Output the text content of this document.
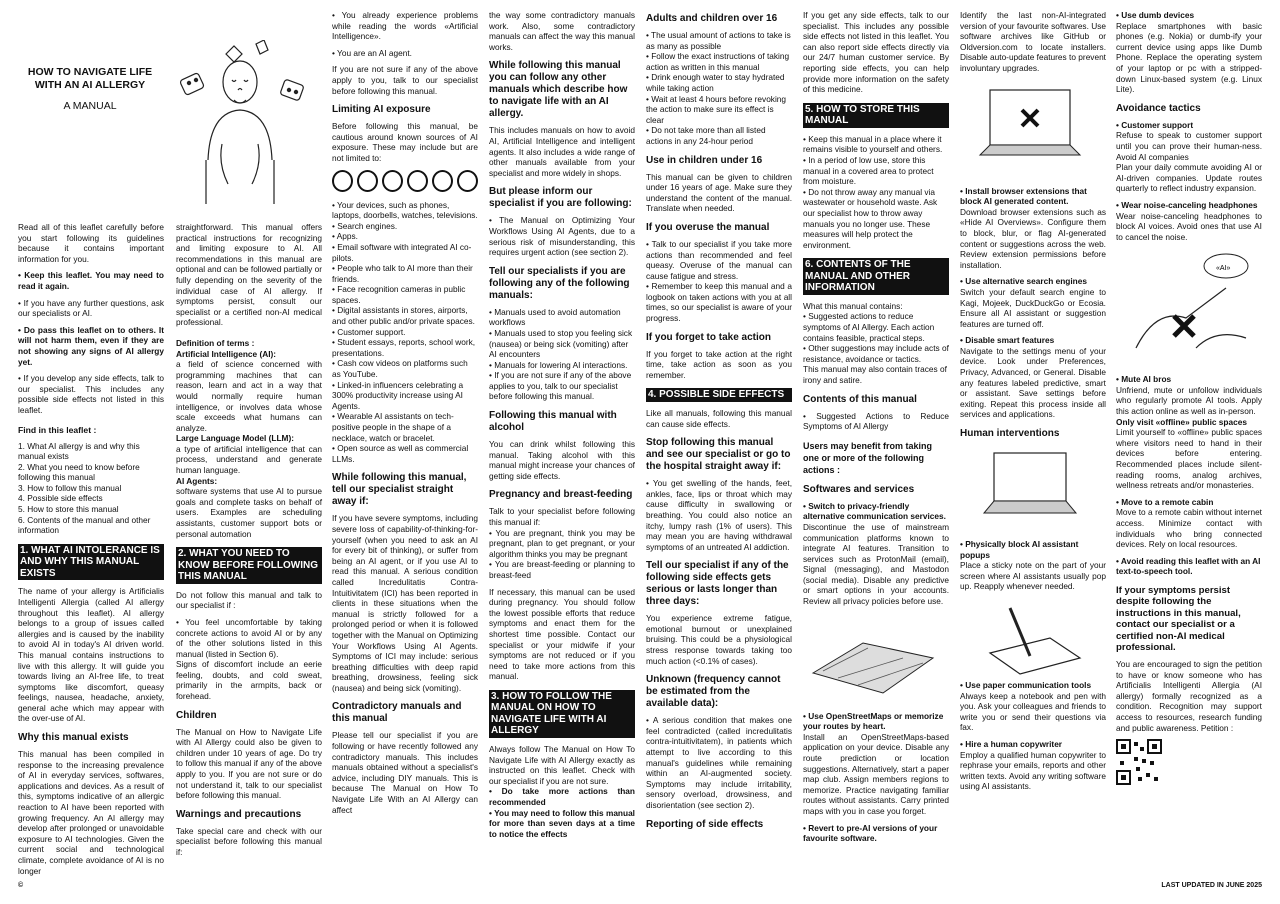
HOW TO NAVIGATE LIFE WITH AN AI ALLERGY
A MANUAL

Read all of this leaflet carefully before you start following its guidelines because it contains important information for you.

• Keep this leaflet. You may need to read it again.

• If you have any further questions, ask our specialists or AI.

• Do pass this leaflet on to others. It will not harm them, even if they are not showing any signs of AI allergy yet.

• If you develop any side effects, talk to our specialist. This includes any possible side effects not listed in this leaflet.

Find in this leaflet :
1. What AI allergy is and why this manual exists
2. What you need to know before following this manual
3. How to follow this manual
4. Possible side effects
5. How to store this manual
6. Contents of the manual and other information
1. WHAT AI INTOLERANCE IS AND WHY THIS MANUAL EXISTS

The name of your allergy is Artificialis Intelligenti Allergia (called AI allergy throughout this leaflet). AI allergy belongs to a group of issues called allergies and is caused by the inability to avoid AI in today's AI driven world. This manual contains instructions to live with this allergy. It will guide you towards living an AI-free life, to treat symptoms like discomfort, queasy feelings, nausea, headache, anxiety, general ache which may appear with the over-use of AI.

Why this manual exists

This manual has been compiled in response to the increasing prevalence of AI in everyday services, softwares, applications and devices. As a result of this, symptoms indicative of an allergic reaction to AI have been reported with growing frequency. An AI allergy may develop after prolonged or unavoidable exposure to AI technologies. Given the current social and technological climate, complete avoidance of AI is no longer

straightforward. This manual offers practical instructions for recognizing and limiting exposure to AI. All recommendations in this manual are optional and can be followed partially or fully depending on the severity of the individual case of AI allergy. If symptoms persist, consult our specialist or a certified non-AI medical professional.

Definition of terms :
Artificial Intelligence (AI):

a field of science concerned with programming machines that can reason, learn and act in a way that would normally require human intelligence, or involves data whose scale exceeds what humans can analyze.

Large Language Model (LLM):

a type of artificial intelligence that can process, understand and generate human language.

AI Agents:

software systems that use AI to pursue goals and complete tasks on behalf of users. Examples are scheduling assistants, customer support bots or personal automation

2. WHAT YOU NEED TO KNOW BEFORE FOLLOWING THIS MANUAL

Do not follow this manual and talk to our specialist if :

• You feel uncomfortable by taking concrete actions to avoid AI or by any of the other solutions listed in this manual (listed in Section 6).

Signs of discomfort include an eerie feeling, doubts, and cold sweat, primarily in the armpits, back or forehead.

Children

The Manual on How to Navigate Life with AI Allergy could also be given to children under 10 years of age. Do try to follow this manual if any of the above apply to you. If you are not sure or do not understand it, talk to our specialist before following this manual.

Warnings and precautions

Take special care and check with our specialist before following this manual if:

• You already experience problems while reading the words «Artificial Intelligence».

• You are an AI agent.

If you are not sure if any of the above apply to you, talk to our specialist before following this manual.

Limiting AI exposure

Before following this manual, be cautious around known sources of AI exposure. These may include but are not limited to:

• Your devices, such as phones, laptops, doorbells, watches, televisions.
• Search engines.
• Apps.
• Email software with integrated AI co-pilots.
• People who talk to AI more than their friends.
• Face recognition cameras in public spaces.
• Digital assistants in stores, airports, and other public and/or private spaces.
• Customer support.
• Student essays, reports, school work, presentations.
• Cash cow videos on platforms such as YouTube.
• Linked-in influencers celebrating a 300% productivity increase using AI Agents.
• Wearable AI assistants on tech-positive people in the shape of a necklace, watch or bracelet.
• Open source as well as commercial LLMs.
While following this manual, tell our specialist straight away if:

If you have severe symptoms, including severe loss of capability-of-thinking-for-yourself (when you need to ask an AI for every bit of thinking), or suffer from being an AI agent, or if you use AI to read this manual. A serious condition called Incredulitatis Contra-Intuitivitatem (ICI) has been reported in clients in these situations when the manual is strictly followed for a prolonged period or when it is followed together with the Manual on Optimizing Your Workflows Using AI Agents. Symptoms of ICI may include: serious breathing difficulties with deep rapid breathing, drowsiness, feeling sick (nausea) and being sick (vomiting).

Contradictory manuals and this manual

Please tell our specialist if you are following or have recently followed any contradictory manuals. This includes manuals obtained without a specialist's advice, including DIY manuals. This is because The Manual on How To Navigate Life With an AI Allergy can affect

the way some contradictory manuals work. Also, some contradictory manuals can affect the way this manual works.

While following this manual you can follow any other manuals which describe how to navigate life with an AI allergy.

This includes manuals on how to avoid AI, Artificial Intelligence and intelligent agents. It also includes a wide range of other manuals available from your specialist and more widely in shops.

But please inform our specialist if you are following:

• The Manual on Optimizing Your Workflows Using AI Agents, due to a serious risk of misunderstanding, this requires urgent action (see section 2).

Tell our specialists if you are following any of the following manuals:
• Manuals used to avoid automation workflows
• Manuals used to stop you feeling sick (nausea) or being sick (vomiting) after AI encounters
• Manuals for lowering AI interactions.
• If you are not sure if any of the above applies to you, talk to our specialist before following this manual.
Following this manual with alcohol

You can drink whilst following this manual. Taking alcohol with this manual might increase your chances of getting side effects.

Pregnancy and breast-feeding

Talk to your specialist before following this manual if:

• You are pregnant, think you may be pregnant, plan to get pregnant, or your algorithm thinks you may be pregnant

• You are breast-feeding or planning to breast-feed

If necessary, this manual can be used during pregnancy. You should follow the lowest possible efforts that reduce symptoms and enact them for the shortest time possible. Contact our specialist or your midwife if your symptoms are not reduced or if you need to take more actions from this manual.

3. HOW TO FOLLOW THE MANUAL ON HOW TO NAVIGATE LIFE WITH AI ALLERGY

Always follow The Manual on How To Navigate Life with AI Allergy exactly as instructed on this leaflet. Check with our specialist if you are not sure.

• Do take more actions than recommended

• You may need to follow this manual for more than seven days at a time to notice the effects

Adults and children over 16
• The usual amount of actions to take is as many as possible
• Follow the exact instructions of taking action as written in this manual
• Drink enough water to stay hydrated while taking action
• Wait at least 4 hours before revoking the action to make sure its effect is clear
• Do not take more than all listed actions in any 24-hour period
Use in children under 16

This manual can be given to children under 16 years of age. Make sure they understand the content of the manual. Translate when needed.

If you overuse the manual

• Talk to our specialist if you take more actions than recommended and feel queasy. Overuse of the manual can cause fatigue and stress.

• Remember to keep this manual and a logbook on taken actions with you at all times, so our specialist is aware of your progress.

If you forget to take action

If you forget to take action at the right time, take action as soon as you remember.

4. POSSIBLE SIDE EFFECTS

Like all manuals, following this manual can cause side effects.

Stop following this manual and see our specialist or go to the hospital straight away if:

• You get swelling of the hands, feet, ankles, face, lips or throat which may cause difficulty in swallowing or breathing. You could also notice an itchy, lumpy rash (1% of users). This may mean you are having withdrawal symptoms of an untreated AI addiction.

Tell our specialist if any of the following side effects gets serious or lasts longer than three days:

You experience extreme fatigue, emotional burnout or unexplained bruising. This could be a physiological stress response towards taking too much action (<0.1% of cases).

Unknown (frequency cannot be estimated from the available data):

• A serious condition that makes one feel contradicted (called incredulitatis contra-intuitivitatem), in patients which attempt to live according to this manual's guidelines while remaining within an AI-augmented society. Symptoms may include irritability, sensory overload, drowsiness, and disorientation (see section 2).

Reporting of side effects

If you get any side effects, talk to our specialist. This includes any possible side effects not listed in this leaflet. You can also report side effects directly via our 24/7 human customer service. By reporting side effects, you can help provide more information on the safety of this medicine.

5. HOW TO STORE THIS MANUAL
• Keep this manual in a place where it remains visible to yourself and others.
• In a period of low use, store this manual in a covered area to protect from moisture.
• Do not throw away any manual via wastewater or household waste. Ask our specialist how to throw away manuals you no longer use. These measures will help protect the environment.
6. CONTENTS OF THE MANUAL AND OTHER INFORMATION

What this manual contains:

• Suggested actions to reduce symptoms of AI Allergy. Each action contains feasible, practical steps.
• Other suggestions may include acts of resistance, avoidance or tactics.
This manual may also contain traces of irony and satire.
Contents of this manual

• Suggested Actions to Reduce Symptoms of AI Allergy

Users may benefit from taking one or more of the following actions :
Softwares and services
• Switch to privacy-friendly alternative communication services.

Discontinue the use of mainstream communication platforms known to integrate AI features. Transition to services such as ProtonMail (email), Signal (messaging), and Mastodon (social media). Disable any predictive or smart options in your accounts. Review all privacy policies before use.

• Use OpenStreetMaps or memorize your routes by heart.

Install an OpenStreetMaps-based application on your device. Disable any route prediction or location suggestions. Alternatively, start a paper map club. Assign members regions to memorize. Practice navigating familiar routes without assistants. Carry printed maps with you in case you forget.

• Revert to pre-AI versions of your favourite software.

Identify the last non-AI-integrated version of your favourite softwares. Use software archives like GitHub or Oldversion.com to locate installers. Disable auto-update features to prevent involuntary upgrades.

• Install browser extensions that block AI generated content.

Download browser extensions such as «Hide AI Overviews». Configure them to block, blur, or flag AI-generated content or suggestions across the web. Review extension permissions before installation.

• Use alternative search engines

Switch your default search engine to Kagi, Mojeek, DuckDuckGo or Ecosia. Ensure all AI assistant or suggestion features are turned off.

• Disable smart features

Navigate to the settings menu of your device. Look under Preferences, Privacy, Advanced, or General. Disable any features labeled predictive, smart or assistant. Save settings before exiting. Repeat this process inside all services and applications.

Human interventions
• Physically block AI assistant popups

Place a sticky note on the part of your screen where AI assistants usually pop up. Reapply whenever needed.

• Use paper communication tools

Always keep a notebook and pen with you. Ask your colleagues and friends to write you or send their questions via fax.

• Hire a human copywriter

Employ a qualified human copywriter to rephrase your emails, reports and other written texts. Avoid any writing software using AI assistants.

• Use dumb devices

Replace smartphones with basic phones (e.g. Nokia) or dumb-ify your current device using apps like Dumb Phone. Replace the operating system of your laptop or pc with a stripped-down Linux-based system (e.g. Linux Lite).

Avoidance tactics
• Customer support

Refuse to speak to customer support until you can prove their human-ness. Avoid AI companies

Plan your daily commute avoiding AI or AI-driven companies. Update routes quarterly to reflect industry expansion.

• Wear noise-canceling headphones

Wear noise-canceling headphones to block AI voices. Avoid ones that use AI to cancel the noise.

«AI»
• Mute AI bros

Unfriend, mute or unfollow individuals who regularly promote AI tools. Apply this action online as well as in-person.

Only visit «offline» public spaces

Limit yourself to «offline» public spaces where visitors need to hand in their devices before entering. Recommended places include silent-reading rooms, analog archives, wellness retreats and/or monasteries.

• Move to a remote cabin

Move to a remote cabin without internet access. Minimize contact with individuals who bring connected devices. Rely on local resources.

• Avoid reading this leaflet with an AI text-to-speech tool.
If your symptoms persist despite following the instructions in this manual, contact our specialist or a certified non-AI medical professional.

You are encouraged to sign the petition to have or know someone who has Artificialis Intelligenti Allergia (AI allergy) formally recognized as a condition. Recognition may support access to resources, research funding and public awareness. Petition :

©	LAST UPDATED IN JUNE 2025
